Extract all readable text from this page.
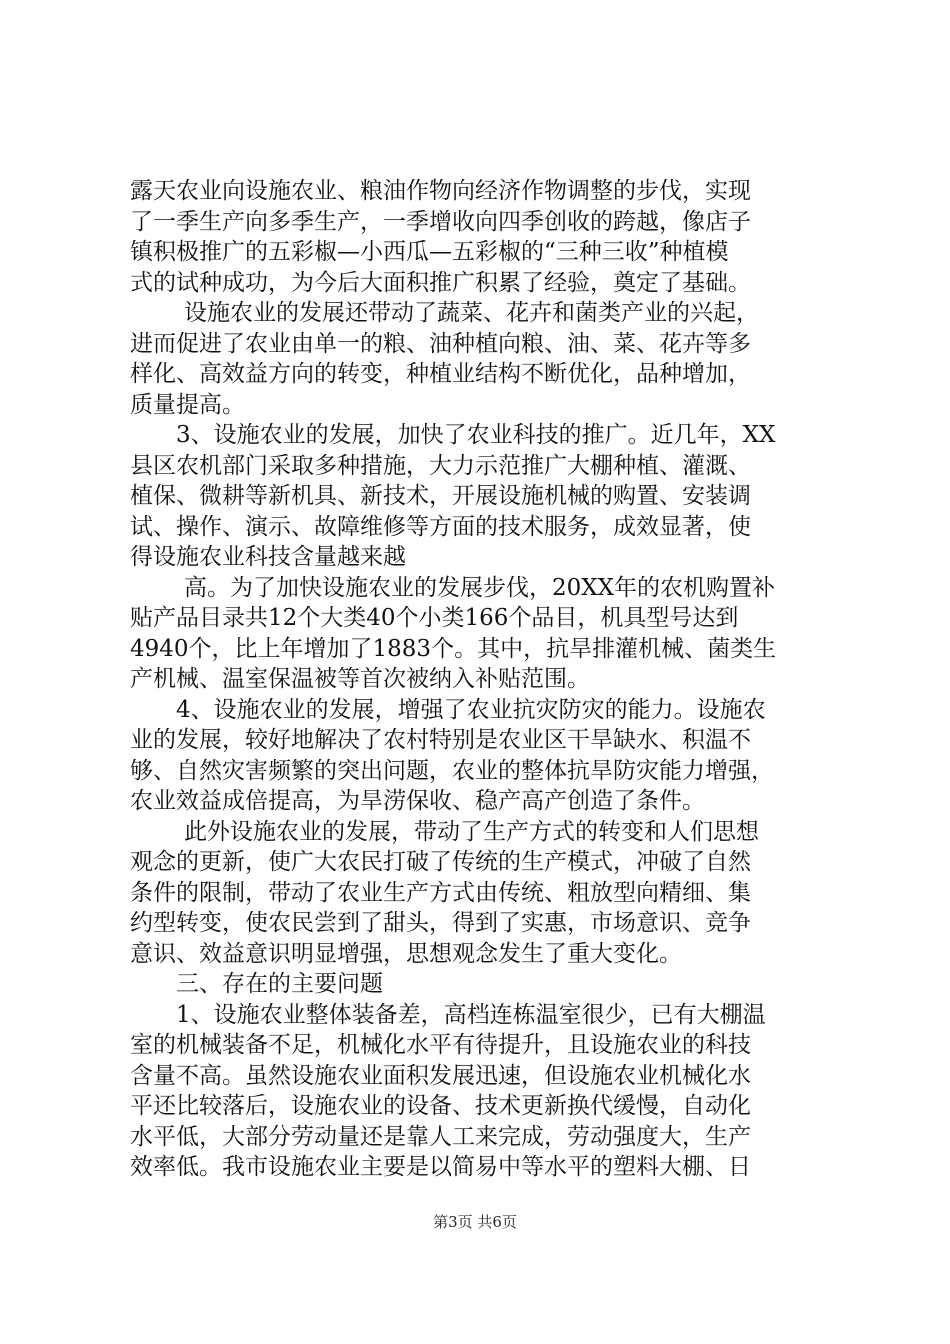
露天农业向设施农业、粮油作物向经济作物调整的步伐，实现
了一季生产向多季生产，一季增收向四季创收的跨越，像店子
镇积极推广的五彩椒—小西瓜—五彩椒的“三种三收”种植模
式的试种成功，为今后大面积推广积累了经验，奠定了基础。
设施农业的发展还带动了蔬菜、花卉和菌类产业的兴起，
进而促进了农业由单一的粮、油种植向粮、油、菜、花卉等多
样化、高效益方向的转变，种植业结构不断优化，品种增加，
质量提高。
3、设施农业的发展，加快了农业科技的推广。近几年，XX
县区农机部门采取多种措施，大力示范推广大棚种植、灌溉、
植保、微耕等新机具、新技术，开展设施机械的购置、安装调
试、操作、演示、故障维修等方面的技术服务，成效显著，使
得设施农业科技含量越来越
高。为了加快设施农业的发展步伐，20XX年的农机购置补
贴产品目录共12个大类40个小类166个品目，机具型号达到
4940个，比上年增加了1883个。其中，抗旱排灌机械、菌类生
产机械、温室保温被等首次被纳入补贴范围。
4、设施农业的发展，增强了农业抗灾防灾的能力。设施农
业的发展，较好地解决了农村特别是农业区干旱缺水、积温不
够、自然灾害频繁的突出问题，农业的整体抗旱防灾能力增强，
农业效益成倍提高，为旱涝保收、稳产高产创造了条件。
此外设施农业的发展，带动了生产方式的转变和人们思想
观念的更新，使广大农民打破了传统的生产模式，冲破了自然
条件的限制，带动了农业生产方式由传统、粗放型向精细、集
约型转变，使农民尝到了甜头，得到了实惠，市场意识、竞争
意识、效益意识明显增强，思想观念发生了重大变化。
三、存在的主要问题
1、设施农业整体装备差，高档连栋温室很少，已有大棚温
室的机械装备不足，机械化水平有待提升，且设施农业的科技
含量不高。虽然设施农业面积发展迅速，但设施农业机械化水
平还比较落后，设施农业的设备、技术更新换代缓慢，自动化
水平低，大部分劳动量还是靠人工来完成，劳动强度大，生产
效率低。我市设施农业主要是以简易中等水平的塑料大棚、日
第3页 共6页
